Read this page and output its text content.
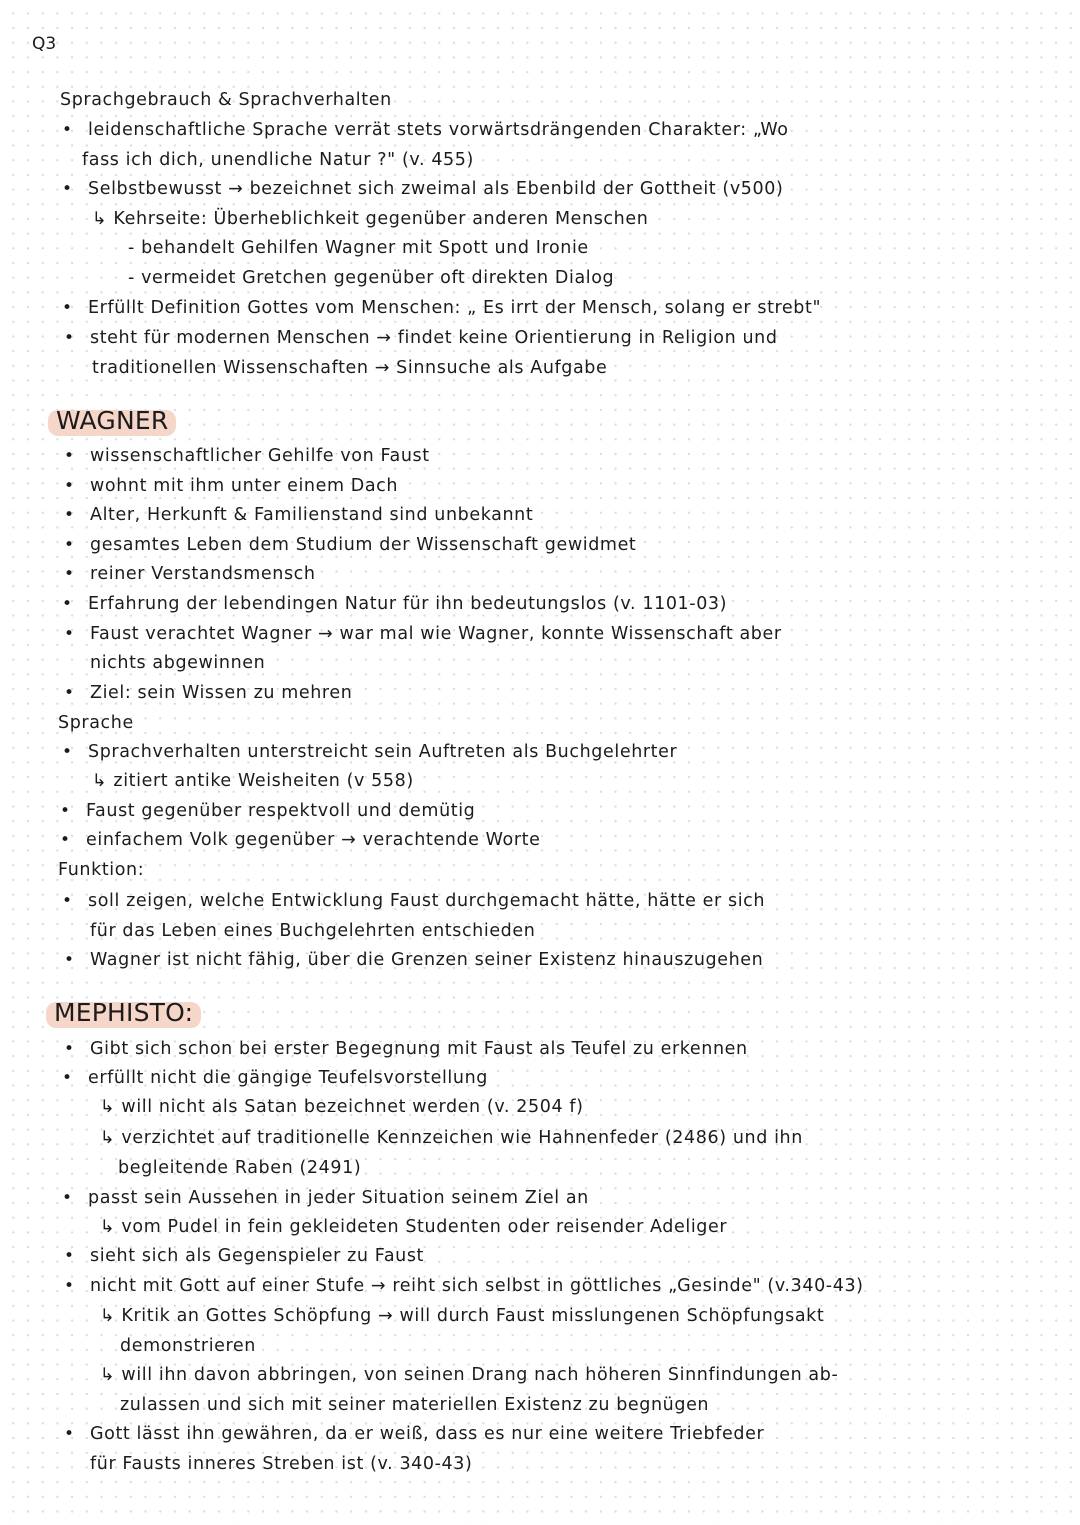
Q3
Sprachgebrauch & Sprachverhalten
• leidenschaftliche Sprache verrät stets vorwärtsdrängenden Charakter: „Wo
fass ich dich, unendliche Natur ?" (v. 455)
• Selbstbewusst → bezeichnet sich zweimal als Ebenbild der Gottheit (v500)
↳ Kehrseite: Überheblichkeit gegenüber anderen Menschen
- behandelt Gehilfen Wagner mit Spott und Ironie
- vermeidet Gretchen gegenüber oft direkten Dialog
• Erfüllt Definition Gottes vom Menschen: „ Es irrt der Mensch, solang er strebt"
• steht für modernen Menschen → findet keine Orientierung in Religion und
traditionellen Wissenschaften → Sinnsuche als Aufgabe
WAGNER
• wissenschaftlicher Gehilfe von Faust
• wohnt mit ihm unter einem Dach
• Alter, Herkunft & Familienstand sind unbekannt
• gesamtes Leben dem Studium der Wissenschaft gewidmet
• reiner Verstandsmensch
• Erfahrung der lebendingen Natur für ihn bedeutungslos (v. 1101-03)
• Faust verachtet Wagner → war mal wie Wagner, konnte Wissenschaft aber
nichts abgewinnen
• Ziel: sein Wissen zu mehren
Sprache
• Sprachverhalten unterstreicht sein Auftreten als Buchgelehrter
↳ zitiert antike Weisheiten (v 558)
• Faust gegenüber respektvoll und demütig
• einfachem Volk gegenüber → verachtende Worte
Funktion:
• soll zeigen, welche Entwicklung Faust durchgemacht hätte, hätte er sich
für das Leben eines Buchgelehrten entschieden
• Wagner ist nicht fähig, über die Grenzen seiner Existenz hinauszugehen
MEPHISTO:
• Gibt sich schon bei erster Begegnung mit Faust als Teufel zu erkennen
• erfüllt nicht die gängige Teufelsvorstellung
↳ will nicht als Satan bezeichnet werden (v. 2504 f)
↳ verzichtet auf traditionelle Kennzeichen wie Hahnenfeder (2486) und ihn
begleitende Raben (2491)
• passt sein Aussehen in jeder Situation seinem Ziel an
↳ vom Pudel in fein gekleideten Studenten oder reisender Adeliger
• sieht sich als Gegenspieler zu Faust
• nicht mit Gott auf einer Stufe → reiht sich selbst in göttliches „Gesinde" (v.340-43)
↳ Kritik an Gottes Schöpfung → will durch Faust misslungenen Schöpfungsakt
demonstrieren
↳ will ihn davon abbringen, von seinen Drang nach höheren Sinnfindungen ab-
zulassen und sich mit seiner materiellen Existenz zu begnügen
• Gott lässt ihn gewähren, da er weiß, dass es nur eine weitere Triebfeder
für Fausts inneres Streben ist (v. 340-43)
